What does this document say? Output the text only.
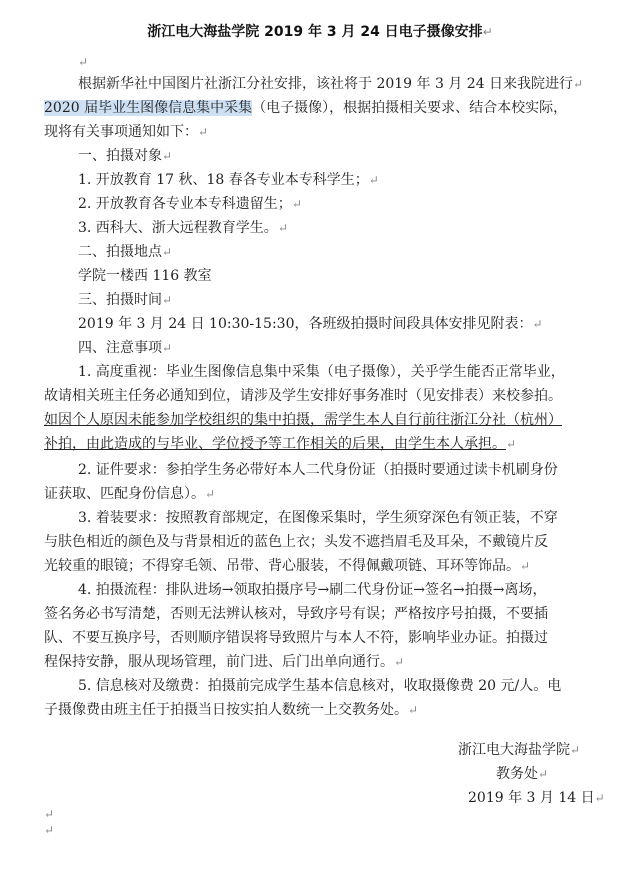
浙江电大海盐学院 2019 年 3 月 24 日电子摄像安排↵
↵
根据新华社中国图片社浙江分社安排，该社将于 2019 年 3 月 24 日来我院进行↵
2020 届毕业生图像信息集中采集（电子摄像），根据拍摄相关要求、结合本校实际，
现将有关事项通知如下：↵
一、拍摄对象↵
1. 开放教育 17 秋、18 春各专业本专科学生；↵
2. 开放教育各专业本专科遗留生；↵
3. 西科大、浙大远程教育学生。↵
二、拍摄地点↵
学院一楼西 116 教室
三、拍摄时间↵
2019 年 3 月 24 日 10:30-15:30，各班级拍摄时间段具体安排见附表：↵
四、注意事项↵
1. 高度重视：毕业生图像信息集中采集（电子摄像），关乎学生能否正常毕业，
故请相关班主任务必通知到位，请涉及学生安排好事务准时（见安排表）来校参拍。
如因个人原因未能参加学校组织的集中拍摄，需学生本人自行前往浙江分社（杭州）
补拍，由此造成的与毕业、学位授予等工作相关的后果，由学生本人承担。↵
2. 证件要求：参拍学生务必带好本人二代身份证（拍摄时要通过读卡机刷身份
证获取、匹配身份信息）。↵
3. 着装要求：按照教育部规定，在图像采集时，学生须穿深色有领正装，不穿
与肤色相近的颜色及与背景相近的蓝色上衣；头发不遮挡眉毛及耳朵，不戴镜片反
光较重的眼镜；不得穿毛领、吊带、背心服装，不得佩戴项链、耳环等饰品。↵
4. 拍摄流程：排队进场→领取拍摄序号→刷二代身份证→签名→拍摄→离场，
签名务必书写清楚，否则无法辨认核对，导致序号有误；严格按序号拍摄，不要插
队、不要互换序号，否则顺序错误将导致照片与本人不符，影响毕业办证。拍摄过
程保持安静，服从现场管理，前门进、后门出单向通行。↵
5. 信息核对及缴费：拍摄前完成学生基本信息核对，收取摄像费 20 元/人。电
子摄像费由班主任于拍摄当日按实拍人数统一上交教务处。↵
浙江电大海盐学院↵
教务处↵
2019 年 3 月 14 日↵
↵
↵
